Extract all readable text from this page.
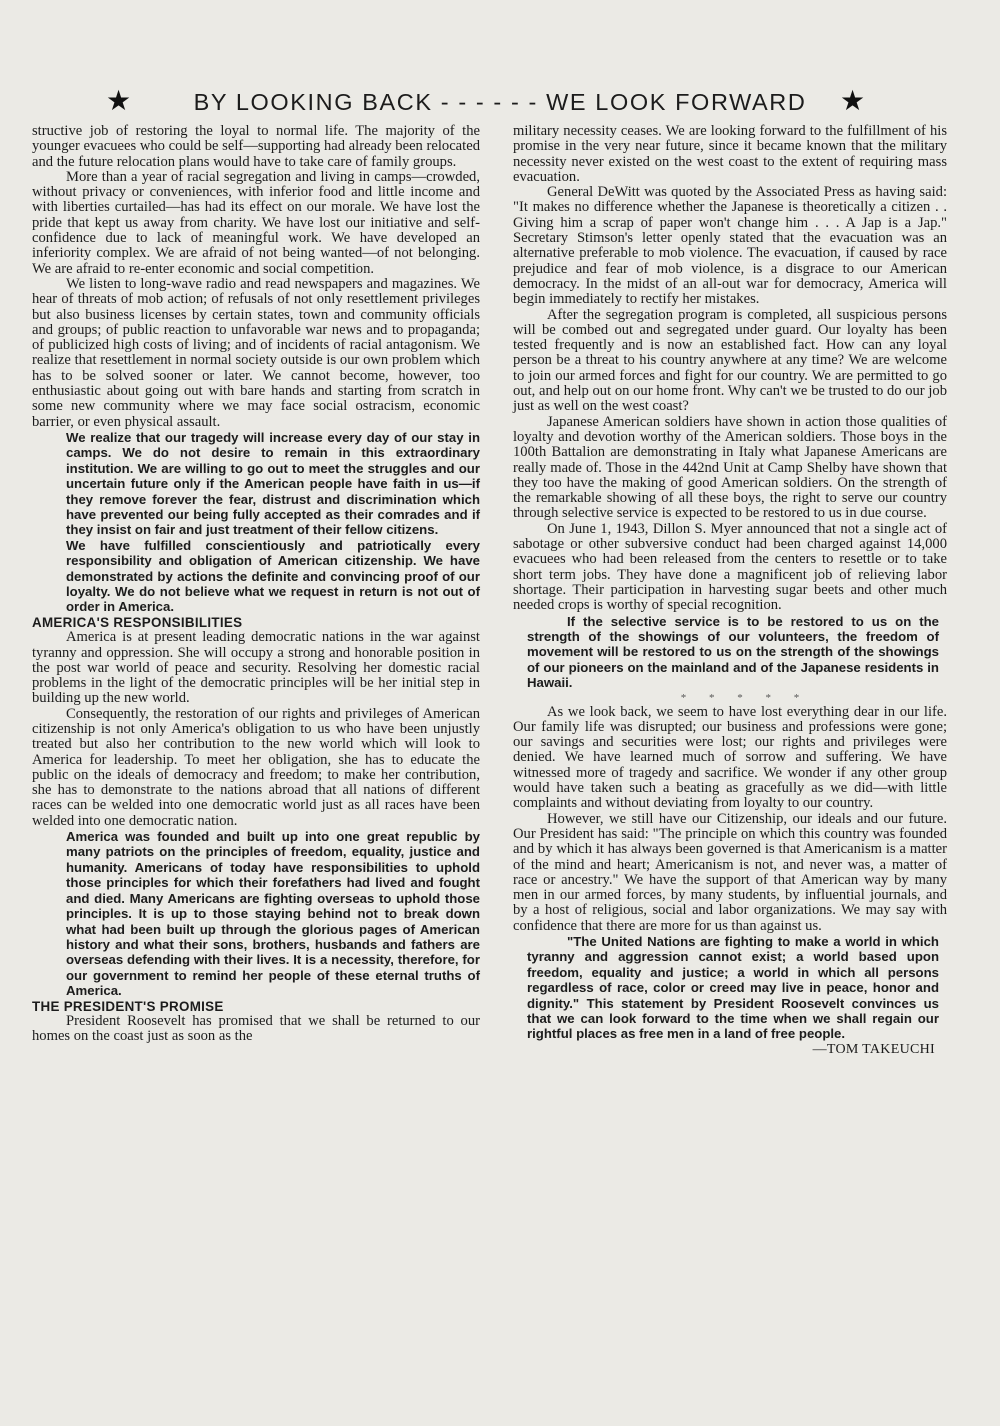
★	BY LOOKING BACK - - - - - - WE LOOK FORWARD ★

structive job of restoring the loyal to normal life. The majority of the younger evacuees who could be self—supporting had already been relocated and the future relocation plans would have to take care of family groups.

More than a year of racial segregation and living in camps—crowded, without privacy or conveniences, with inferior food and little income and with liberties curtailed—has had its effect on our morale. We have lost the pride that kept us away from charity. We have lost our initiative and self-confidence due to lack of meaningful work. We have developed an inferiority complex. We are afraid of not being wanted—of not belonging. We are afraid to re-enter economic and social competition.

We listen to long-wave radio and read newspapers and magazines. We hear of threats of mob action; of refusals of not only resettlement privileges but also business licenses by certain states, town and community officials and groups; of public reaction to unfavorable war news and to propaganda; of publicized high costs of living; and of incidents of racial antagonism. We realize that resettlement in normal society outside is our own problem which has to be solved sooner or later. We cannot become, however, too enthusiastic about going out with bare hands and starting from scratch in some new community where we may face social ostracism, economic barrier, or even physical assault.

We realize that our tragedy will increase every day of our stay in camps. We do not desire to remain in this extraordinary institution. We are willing to go out to meet the struggles and our uncertain future only if the American people have faith in us—if they remove forever the fear, distrust and discrimination which have prevented our being fully accepted as their comrades and if they insist on fair and just treatment of their fellow citizens.

We have fulfilled conscientiously and patriotically every responsibility and obligation of American citizenship. We have demonstrated by actions the definite and convincing proof of our loyalty. We do not believe what we request in return is not out of order in America.

AMERICA'S RESPONSIBILITIES

America is at present leading democratic nations in the war against tyranny and oppression. She will occupy a strong and honorable position in the post war world of peace and security. Resolving her domestic racial problems in the light of the democratic principles will be her initial step in building up the new world.

Consequently, the restoration of our rights and privileges of American citizenship is not only America's obligation to us who have been unjustly treated but also her contribution to the new world which will look to America for leadership. To meet her obligation, she has to educate the public on the ideals of democracy and freedom; to make her contribution, she has to demonstrate to the nations abroad that all nations of different races can be welded into one democratic world just as all races have been welded into one democratic nation.

America was founded and built up into one great republic by many patriots on the principles of freedom, equality, justice and humanity. Americans of today have responsibilities to uphold those principles for which their forefathers had lived and fought and died. Many Americans are fighting overseas to uphold those principles. It is up to those staying behind not to break down what had been built up through the glorious pages of American history and what their sons, brothers, husbands and fathers are overseas defending with their lives. It is a necessity, therefore, for our government to remind her people of these eternal truths of America.

THE PRESIDENT'S PROMISE

President Roosevelt has promised that we shall be returned to our homes on the coast just as soon as the

military necessity ceases. We are looking forward to the fulfillment of his promise in the very near future, since it became known that the military necessity never existed on the west coast to the extent of requiring mass evacuation.

General DeWitt was quoted by the Associated Press as having said: "It makes no difference whether the Japanese is theoretically a citizen . . Giving him a scrap of paper won't change him . . . A Jap is a Jap." Secretary Stimson's letter openly stated that the evacuation was an alternative preferable to mob violence. The evacuation, if caused by race prejudice and fear of mob violence, is a disgrace to our American democracy. In the midst of an all-out war for democracy, America will begin immediately to rectify her mistakes.

After the segregation program is completed, all suspicious persons will be combed out and segregated under guard. Our loyalty has been tested frequently and is now an established fact. How can any loyal person be a threat to his country anywhere at any time? We are welcome to join our armed forces and fight for our country. We are permitted to go out, and help out on our home front. Why can't we be trusted to do our job just as well on the west coast?

Japanese American soldiers have shown in action those qualities of loyalty and devotion worthy of the American soldiers. Those boys in the 100th Battalion are demonstrating in Italy what Japanese Americans are really made of. Those in the 442nd Unit at Camp Shelby have shown that they too have the making of good American soldiers. On the strength of the remarkable showing of all these boys, the right to serve our country through selective service is expected to be restored to us in due course.

On June 1, 1943, Dillon S. Myer announced that not a single act of sabotage or other subversive conduct had been charged against 14,000 evacuees who had been released from the centers to resettle or to take short term jobs. They have done a magnificent job of relieving labor shortage. Their participation in harvesting sugar beets and other much needed crops is worthy of special recognition.

If the selective service is to be restored to us on the strength of the showings of our volunteers, the freedom of movement will be restored to us on the strength of the showings of our pioneers on the mainland and of the Japanese residents in Hawaii.

* * * * *

As we look back, we seem to have lost everything dear in our life. Our family life was disrupted; our business and professions were gone; our savings and securities were lost; our rights and privileges were denied. We have learned much of sorrow and suffering. We have witnessed more of tragedy and sacrifice. We wonder if any other group would have taken such a beating as gracefully as we did—with little complaints and without deviating from loyalty to our country.

However, we still have our Citizenship, our ideals and our future. Our President has said: "The principle on which this country was founded and by which it has always been governed is that Americanism is a matter of the mind and heart; Americanism is not, and never was, a matter of race or ancestry." We have the support of that American way by many men in our armed forces, by many students, by influential journals, and by a host of religious, social and labor organizations. We may say with confidence that there are more for us than against us.

"The United Nations are fighting to make a world in which tyranny and aggression cannot exist; a world based upon freedom, equality and justice; a world in which all persons regardless of race, color or creed may live in peace, honor and dignity." This statement by President Roosevelt convinces us that we can look forward to the time when we shall regain our rightful places as free men in a land of free people.

—TOM TAKEUCHI
